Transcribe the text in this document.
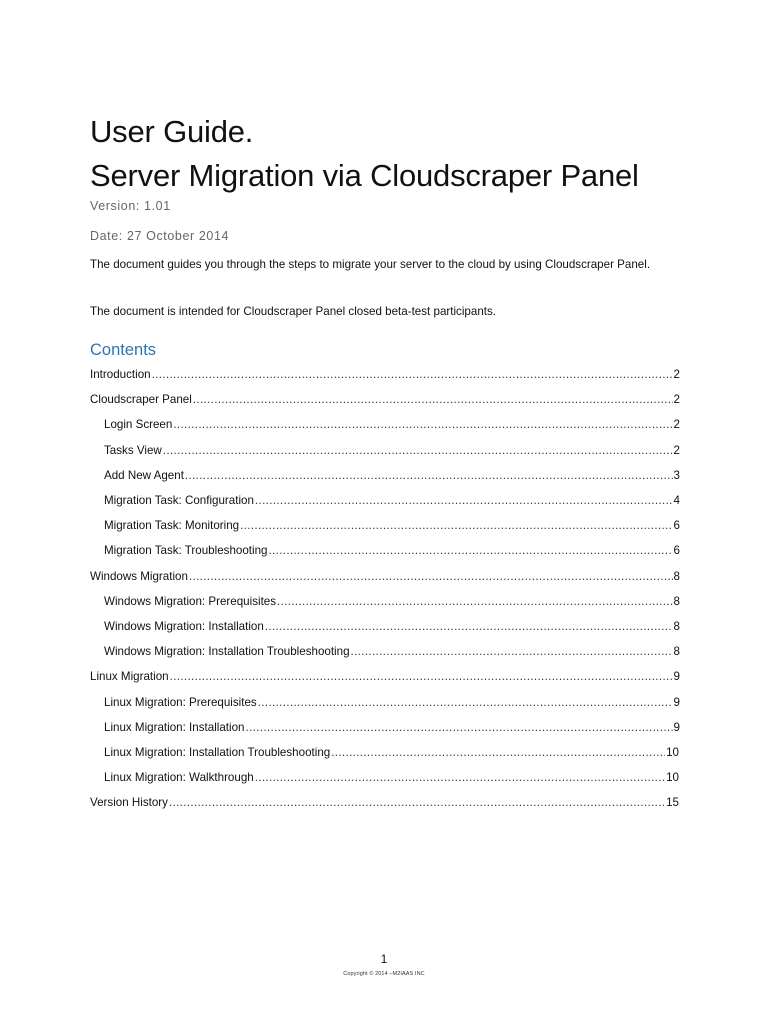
User Guide.
Server Migration via Cloudscraper Panel
Version: 1.01
Date: 27 October 2014
The document guides you through the steps to migrate your server to the cloud by using Cloudscraper Panel.
The document is intended for Cloudscraper Panel closed beta-test participants.
Contents
Introduction .....	2
Cloudscraper Panel .....	2
Login Screen .....	2
Tasks View .....	2
Add New Agent .....	3
Migration Task: Configuration .....	4
Migration Task: Monitoring .....	6
Migration Task: Troubleshooting .....	6
Windows Migration .....	8
Windows Migration: Prerequisites .....	8
Windows Migration: Installation .....	8
Windows Migration: Installation Troubleshooting .....	8
Linux Migration .....	9
Linux Migration: Prerequisites .....	9
Linux Migration: Installation .....	9
Linux Migration: Installation Troubleshooting .....	10
Linux Migration: Walkthrough .....	10
Version History .....	15
1
Copyright © 2014 –M2IAAS INC
